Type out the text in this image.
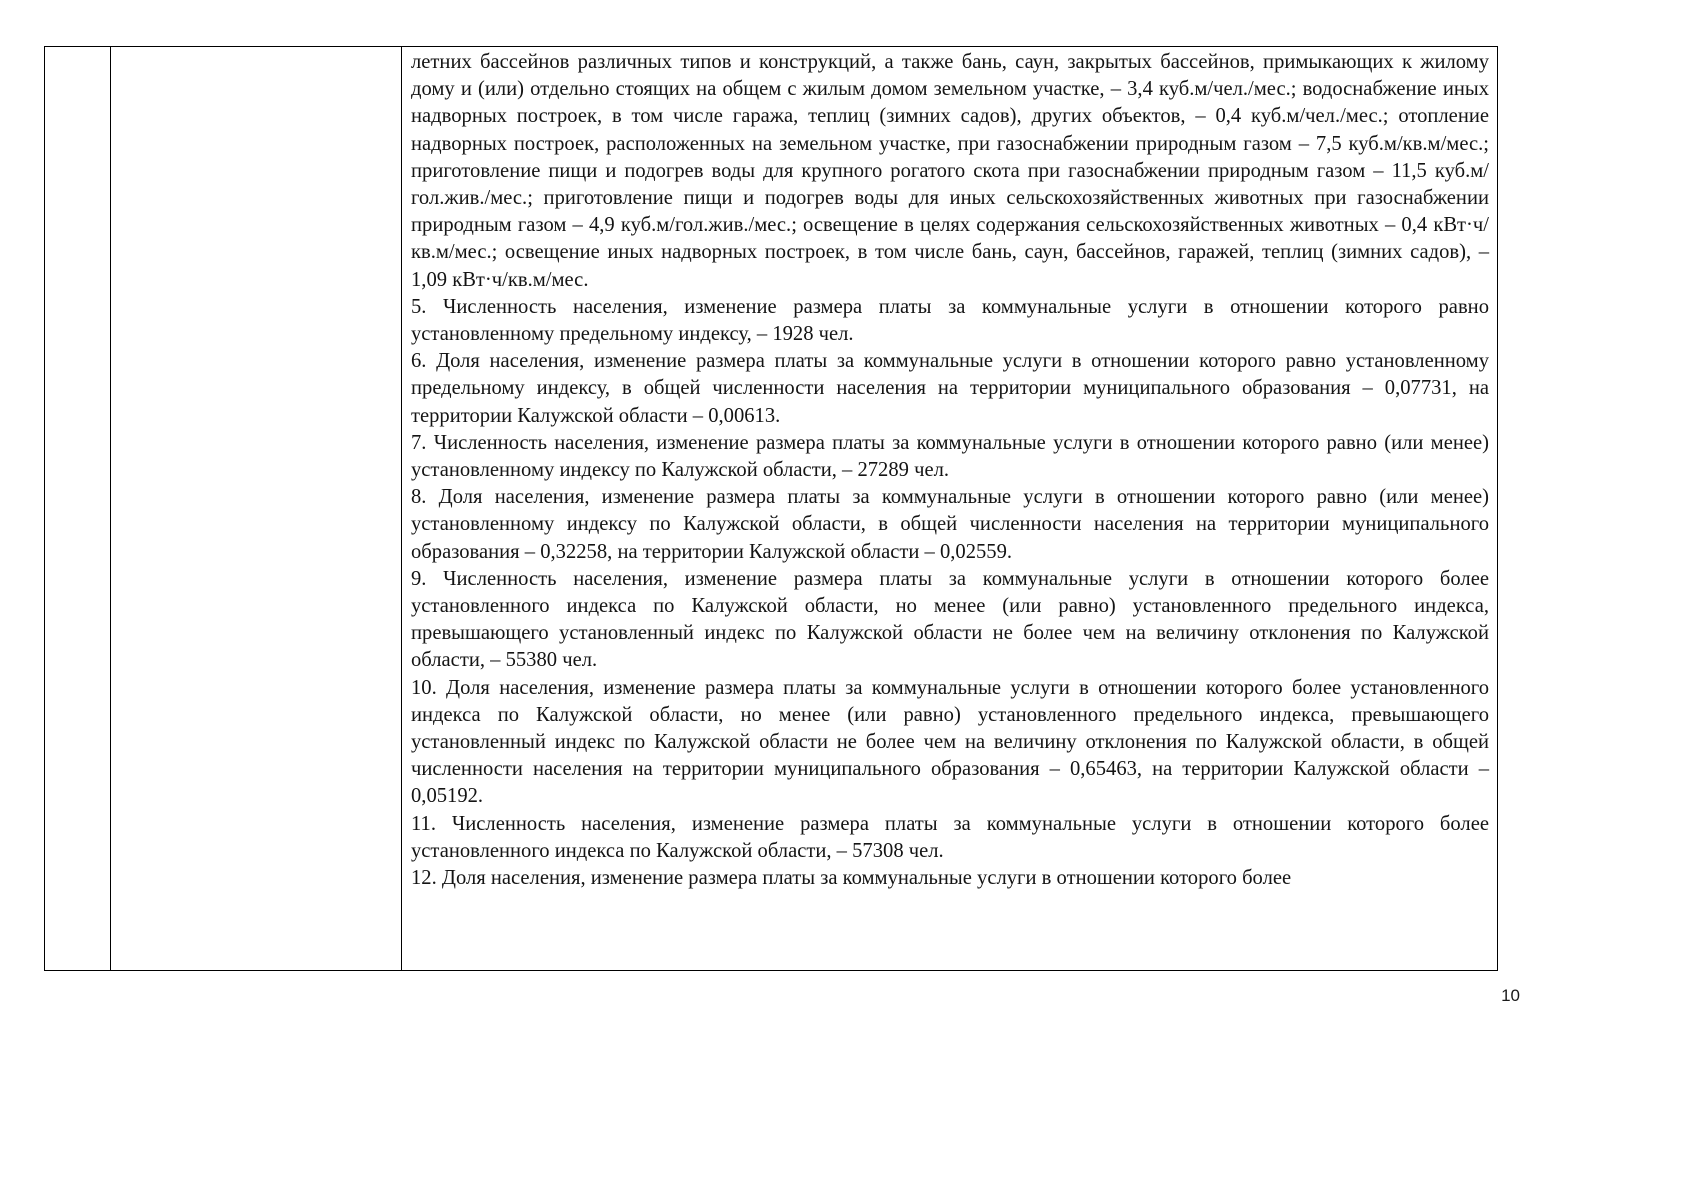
летних бассейнов различных типов и конструкций, а также бань, саун, закрытых бассейнов, примыкающих к жилому дому и (или) отдельно стоящих на общем с жилым домом земельном участке, – 3,4 куб.м/чел./мес.; водоснабжение иных надворных построек, в том числе гаража, теплиц (зимних садов), других объектов, – 0,4 куб.м/чел./мес.; отопление надворных построек, расположенных на земельном участке, при газоснабжении природным газом – 7,5 куб.м/кв.м/мес.; приготовление пищи и подогрев воды для крупного рогатого скота при газоснабжении природным газом – 11,5 куб.м/гол.жив./мес.; приготовление пищи и подогрев воды для иных сельскохозяйственных животных при газоснабжении природным газом – 4,9 куб.м/гол.жив./мес.; освещение в целях содержания сельскохозяйственных животных – 0,4 кВт·ч/кв.м/мес.; освещение иных надворных построек, в том числе бань, саун, бассейнов, гаражей, теплиц (зимних садов), – 1,09 кВт·ч/кв.м/мес.

5. Численность населения, изменение размера платы за коммунальные услуги в отношении которого равно установленному предельному индексу, – 1928 чел.

6. Доля населения, изменение размера платы за коммунальные услуги в отношении которого равно установленному предельному индексу, в общей численности населения на территории муниципального образования – 0,07731, на территории Калужской области – 0,00613.

7. Численность населения, изменение размера платы за коммунальные услуги в отношении которого равно (или менее) установленному индексу по Калужской области, – 27289 чел.

8. Доля населения, изменение размера платы за коммунальные услуги в отношении которого равно (или менее) установленному индексу по Калужской области, в общей численности населения на территории муниципального образования – 0,32258, на территории Калужской области – 0,02559.

9. Численность населения, изменение размера платы за коммунальные услуги в отношении которого более установленного индекса по Калужской области, но менее (или равно) установленного предельного индекса, превышающего установленный индекс по Калужской области не более чем на величину отклонения по Калужской области, – 55380 чел.

10. Доля населения, изменение размера платы за коммунальные услуги в отношении которого более установленного индекса по Калужской области, но менее (или равно) установленного предельного индекса, превышающего установленный индекс по Калужской области не более чем на величину отклонения по Калужской области, в общей численности населения на территории муниципального образования – 0,65463, на территории Калужской области – 0,05192.

11. Численность населения, изменение размера платы за коммунальные услуги в отношении которого более установленного индекса по Калужской области, – 57308 чел.

12. Доля населения, изменение размера платы за коммунальные услуги в отношении которого более

10
